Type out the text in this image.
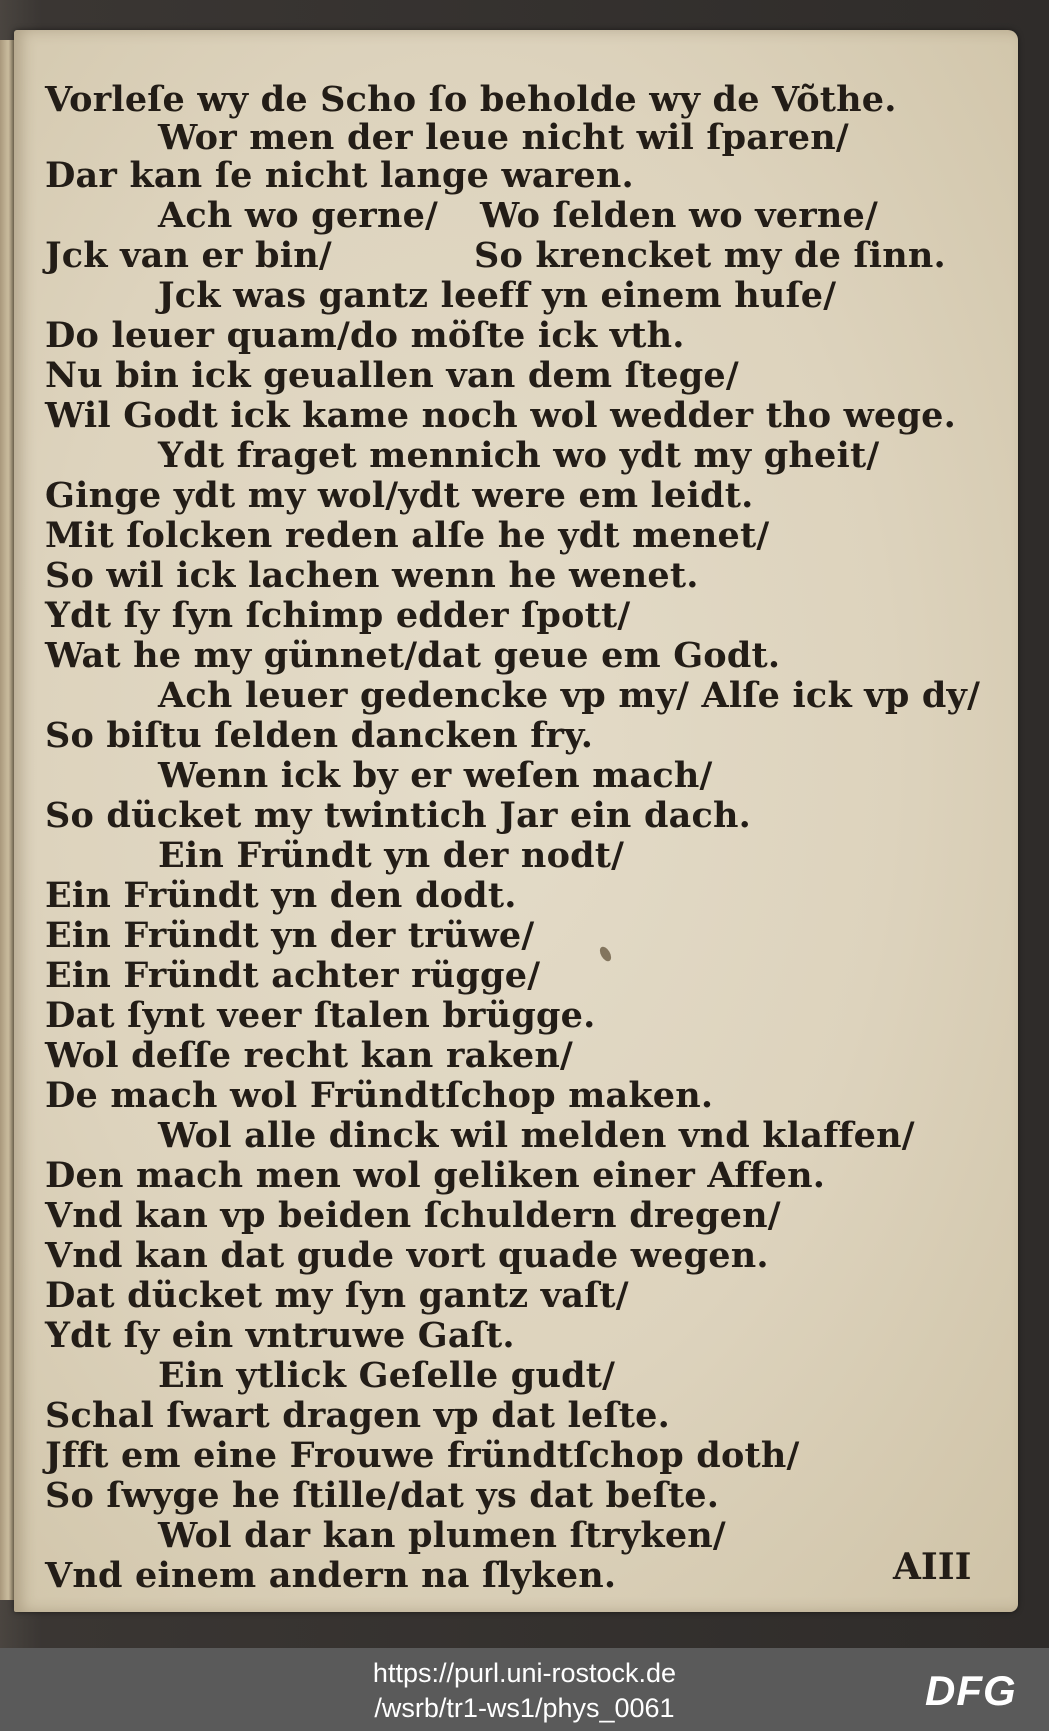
Vorleſe wy de Scho ſo beholde wy de Võthe.
Wor men der leue nicht wil ſparen/
Dar kan ſe nicht lange waren.
Ach wo gerne/ Wo ſelden wo verne/
Jck van er bin/	So krencket my de ſinn.
Jck was gantz leeff yn einem huſe/
Do leuer quam/do möſte ick vth.
Nu bin ick geuallen van dem ſtege/
Wil Godt ick kame noch wol wedder tho wege.
Ydt fraget mennich wo ydt my gheit/
Ginge ydt my wol/ydt were em leidt.
Mit ſolcken reden alſe he ydt menet/
So wil ick lachen wenn he wenet.
Ydt ſy ſyn ſchimp edder ſpott/
Wat he my günnet/dat geue em Godt.
Ach leuer gedencke vp my/ Alſe ick vp dy/
So biſtu ſelden dancken fry.
Wenn ick by er weſen mach/
So dücket my twintich Jar ein dach.
Ein Fründt yn der nodt/
Ein Fründt yn den dodt.
Ein Fründt yn der trüwe/
Ein Fründt achter rügge/
Dat ſynt veer ſtalen brügge.
Wol deſſe recht kan raken/
De mach wol Fründtſchop maken.
Wol alle dinck wil melden vnd klaffen/
Den mach men wol geliken einer Affen.
Vnd kan vp beiden ſchuldern dregen/
Vnd kan dat gude vort quade wegen.
Dat dücket my ſyn gantz vaſt/
Ydt ſy ein vntruwe Gaſt.
Ein ytlick Geſelle gudt/
Schal ſwart dragen vp dat leſte.
Jfft em eine Frouwe fründtſchop doth/
So ſwyge he ſtille/dat ys dat beſte.
Wol dar kan plumen ſtryken/
Vnd einem andern na ſlyken.	AIII
https://purl.uni-rostock.de
/wsrb/tr1-ws1/phys_0061	DFG
